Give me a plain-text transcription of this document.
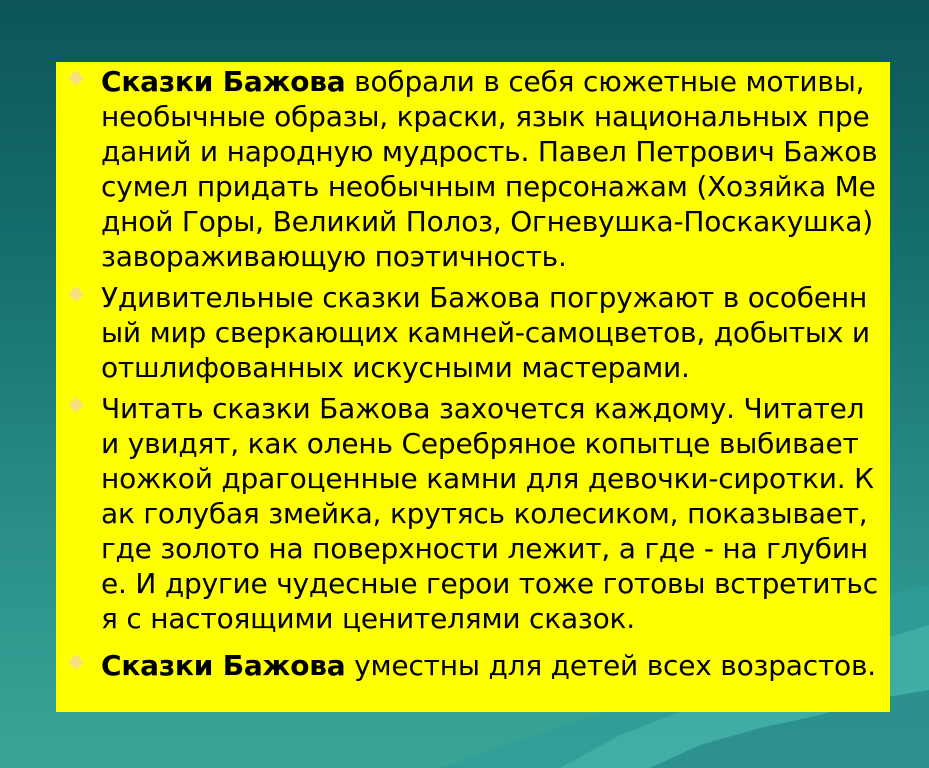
Сказки Бажова вобрали в себя сюжетные мотивы, необычные образы, краски, язык национальных преданий и народную мудрость. Павел Петрович Бажов сумел придать необычным персонажам (Хозяйка Медной Горы, Великий Полоз, Огневушка-Поскакушка) завораживающую поэтичность.
Удивительные сказки Бажова погружают в особенный мир сверкающих камней-самоцветов, добытых и отшлифованных искусными мастерами.
Читать сказки Бажова захочется каждому. Читатели увидят, как олень Серебряное копытце выбивает ножкой драгоценные камни для девочки-сиротки. Как голубая змейка, крутясь колесиком, показывает, где золото на поверхности лежит, а где - на глубине. И другие чудесные герои тоже готовы встретиться с настоящими ценителями сказок.
Сказки Бажова уместны для детей всех возрастов.
